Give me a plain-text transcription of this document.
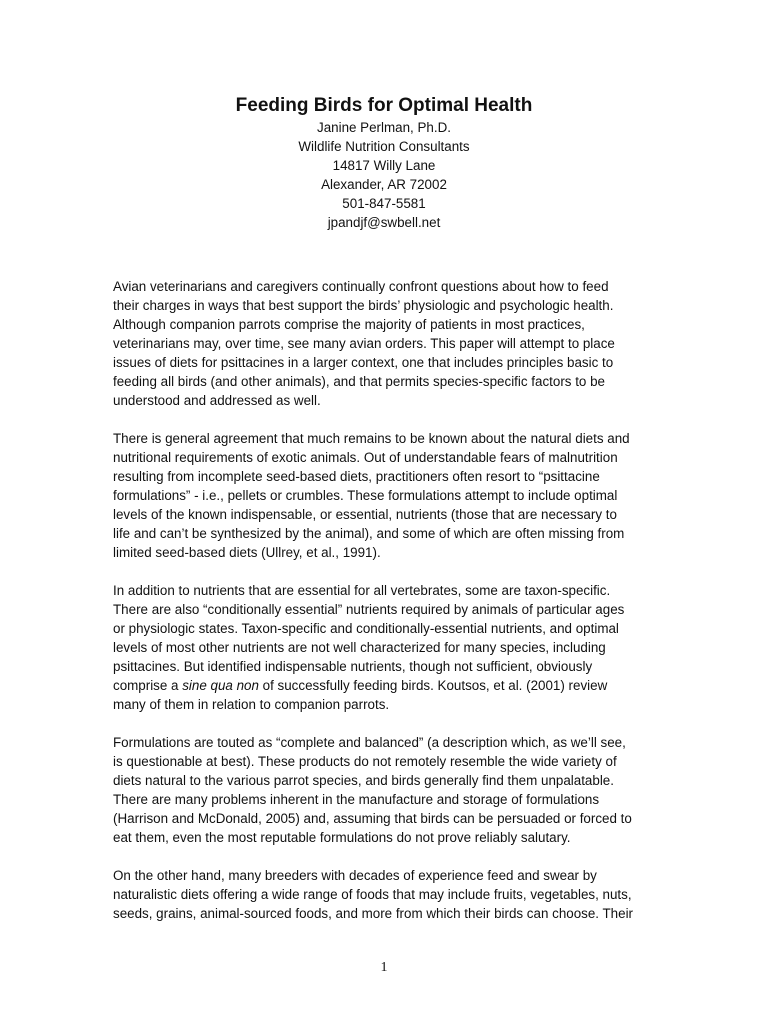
Feeding Birds for Optimal Health
Janine Perlman, Ph.D.
Wildlife Nutrition Consultants
14817 Willy Lane
Alexander, AR 72002
501-847-5581
jpandjf@swbell.net

Avian veterinarians and caregivers continually confront questions about how to feed
their charges in ways that best support the birds’ physiologic and psychologic health.
Although companion parrots comprise the majority of patients in most practices,
veterinarians may, over time, see many avian orders. This paper will attempt to place
issues of diets for psittacines in a larger context, one that includes principles basic to
feeding all birds (and other animals), and that permits species-specific factors to be
understood and addressed as well.

There is general agreement that much remains to be known about the natural diets and
nutritional requirements of exotic animals. Out of understandable fears of malnutrition
resulting from incomplete seed-based diets, practitioners often resort to “psittacine
formulations” - i.e., pellets or crumbles. These formulations attempt to include optimal
levels of the known indispensable, or essential, nutrients (those that are necessary to
life and can’t be synthesized by the animal), and some of which are often missing from
limited seed-based diets (Ullrey, et al., 1991).

In addition to nutrients that are essential for all vertebrates, some are taxon-specific.
There are also “conditionally essential” nutrients required by animals of particular ages
or physiologic states. Taxon-specific and conditionally-essential nutrients, and optimal
levels of most other nutrients are not well characterized for many species, including
psittacines. But identified indispensable nutrients, though not sufficient, obviously
comprise a sine qua non of successfully feeding birds. Koutsos, et al. (2001) review
many of them in relation to companion parrots.

Formulations are touted as “complete and balanced” (a description which, as we’ll see,
is questionable at best). These products do not remotely resemble the wide variety of
diets natural to the various parrot species, and birds generally find them unpalatable.
There are many problems inherent in the manufacture and storage of formulations
(Harrison and McDonald, 2005) and, assuming that birds can be persuaded or forced to
eat them, even the most reputable formulations do not prove reliably salutary.

On the other hand, many breeders with decades of experience feed and swear by
naturalistic diets offering a wide range of foods that may include fruits, vegetables, nuts,
seeds, grains, animal-sourced foods, and more from which their birds can choose. Their

1
